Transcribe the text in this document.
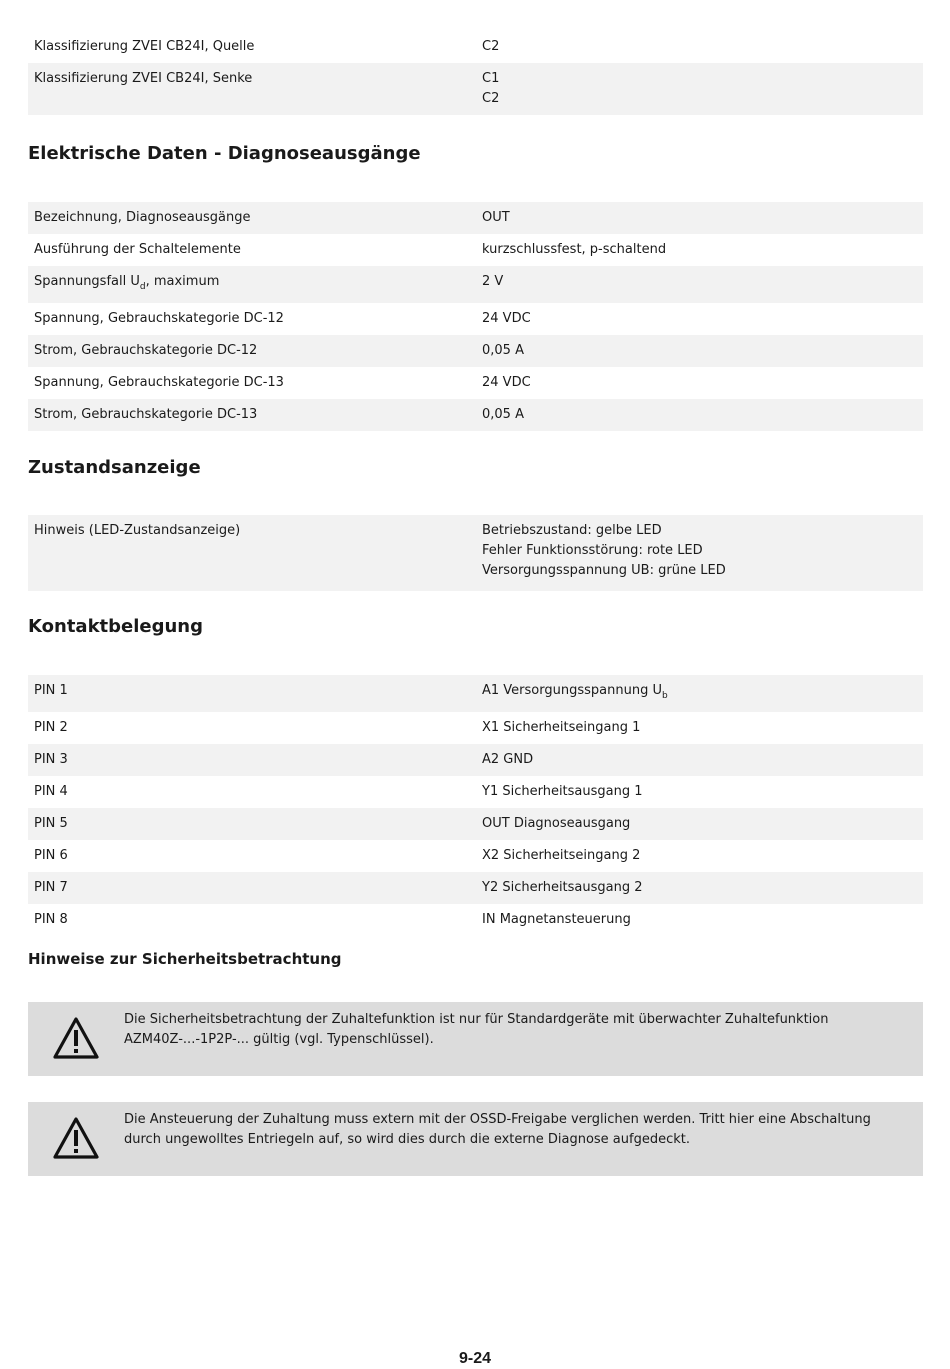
Klassifizierung ZVEI CB24I, Quelle	C2
Klassifizierung ZVEI CB24I, Senke	C1
C2
Elektrische Daten - Diagnoseausgänge
Bezeichnung, Diagnoseausgänge	OUT
Ausführung der Schaltelemente	kurzschlussfest, p-schaltend
Spannungsfall $U_d$, maximum	2 V
Spannung, Gebrauchskategorie DC-12	24 VDC
Strom, Gebrauchskategorie DC-12	0,05 A
Spannung, Gebrauchskategorie DC-13	24 VDC
Strom, Gebrauchskategorie DC-13	0,05 A
Zustandsanzeige
Hinweis (LED-Zustandsanzeige)	Betriebszustand: gelbe LED
Fehler Funktionsstörung: rote LED
Versorgungsspannung UB: grüne LED
Kontaktbelegung
PIN 1	A1 Versorgungsspannung $U_b$
PIN 2	X1 Sicherheitseingang 1
PIN 3	A2 GND
PIN 4	Y1 Sicherheitsausgang 1
PIN 5	OUT Diagnoseausgang
PIN 6	X2 Sicherheitseingang 2
PIN 7	Y2 Sicherheitsausgang 2
PIN 8	IN Magnetansteuerung
Hinweise zur Sicherheitsbetrachtung
Die Sicherheitsbetrachtung der Zuhaltefunktion ist nur für Standardgeräte mit überwachter Zuhaltefunktion AZM40Z-...-1P2P-... gültig (vgl. Typenschlüssel).
Die Ansteuerung der Zuhaltung muss extern mit der OSSD-Freigabe verglichen werden. Tritt hier eine Abschaltung durch ungewolltes Entriegeln auf, so wird dies durch die externe Diagnose aufgedeckt.
9-24
